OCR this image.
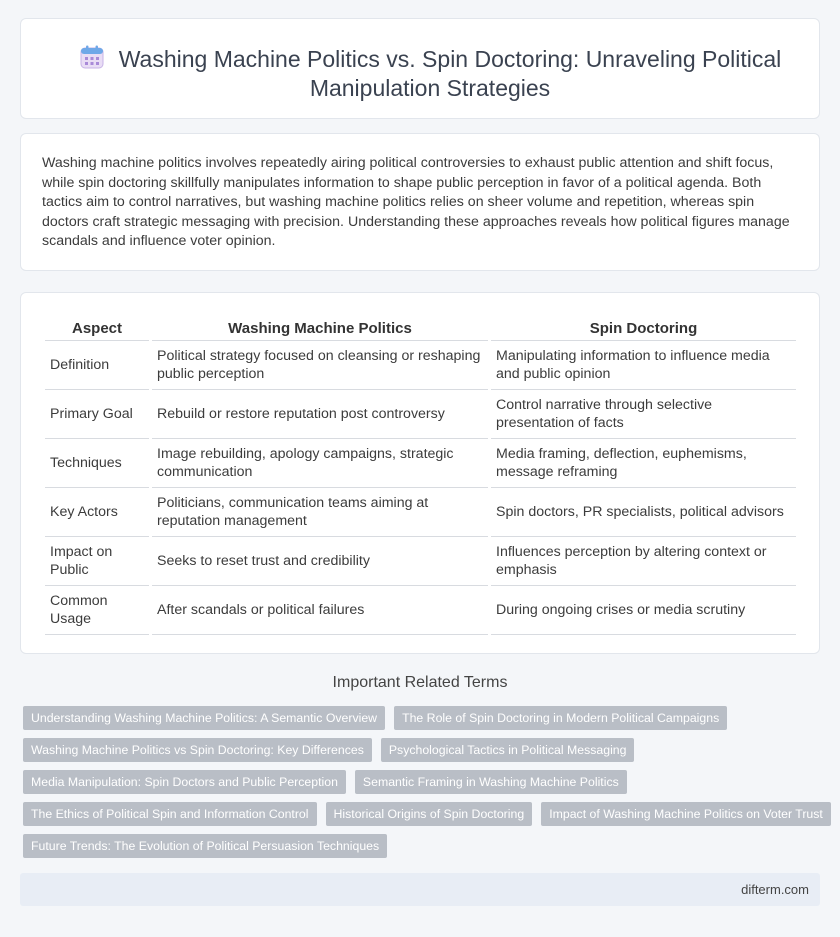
Washing Machine Politics vs. Spin Doctoring: Unraveling Political Manipulation Strategies

Washing machine politics involves repeatedly airing political controversies to exhaust public attention and shift focus, while spin doctoring skillfully manipulates information to shape public perception in favor of a political agenda. Both tactics aim to control narratives, but washing machine politics relies on sheer volume and repetition, whereas spin doctors craft strategic messaging with precision. Understanding these approaches reveals how political figures manage scandals and influence voter opinion.

Aspect	Washing Machine Politics	Spin Doctoring
Definition	Political strategy focused on cleansing or reshaping public perception	Manipulating information to influence media and public opinion
Primary Goal	Rebuild or restore reputation post controversy	Control narrative through selective presentation of facts
Techniques	Image rebuilding, apology campaigns, strategic communication	Media framing, deflection, euphemisms, message reframing
Key Actors	Politicians, communication teams aiming at reputation management	Spin doctors, PR specialists, political advisors
Impact on Public	Seeks to reset trust and credibility	Influences perception by altering context or emphasis
Common Usage	After scandals or political failures	During ongoing crises or media scrutiny
Important Related Terms
Understanding Washing Machine Politics: A Semantic Overview The Role of Spin Doctoring in Modern Political Campaigns
Washing Machine Politics vs Spin Doctoring: Key Differences Psychological Tactics in Political Messaging
Media Manipulation: Spin Doctors and Public Perception Semantic Framing in Washing Machine Politics
The Ethics of Political Spin and Information Control Historical Origins of Spin Doctoring Impact of Washing Machine Politics on Voter Trust
Future Trends: The Evolution of Political Persuasion Techniques
difterm.com
